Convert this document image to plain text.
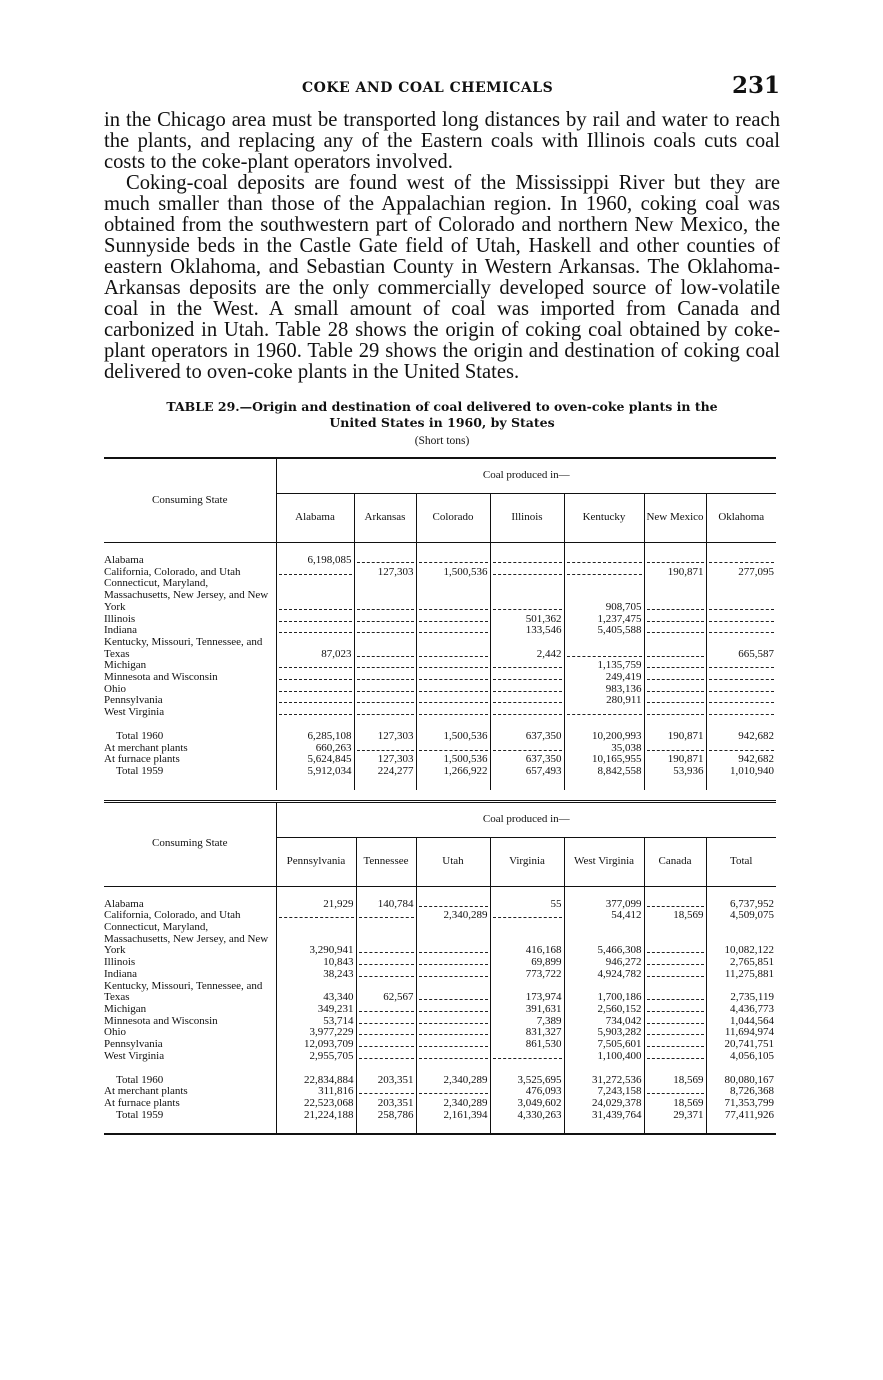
COKE AND COAL CHEMICALS	231

in the Chicago area must be transported long distances by rail and water to reach the plants, and replacing any of the Eastern coals with Illinois coals cuts coal costs to the coke-plant operators involved.

Coking-coal deposits are found west of the Mississippi River but they are much smaller than those of the Appalachian region. In 1960, coking coal was obtained from the southwestern part of Colorado and northern New Mexico, the Sunnyside beds in the Castle Gate field of Utah, Haskell and other counties of eastern Oklahoma, and Sebastian County in Western Arkansas. The Oklahoma-Arkansas deposits are the only commercially developed source of low-volatile coal in the West. A small amount of coal was imported from Canada and carbonized in Utah. Table 28 shows the origin of coking coal obtained by coke-plant operators in 1960. Table 29 shows the origin and destination of coking coal delivered to oven-coke plants in the United States.

TABLE 29.—Origin and destination of coal delivered to oven-coke plants in the
United States in 1960, by States

(Short tons)

Consuming State	Coal produced in—						
	Alabama	Arkansas	Colorado	Illinois	Kentucky	New Mexico	Oklahoma

Alabama	6,198,085						
California, Colorado, and Utah		127,303	1,500,536			190,871	277,095
Connecticut, Maryland, Massachusetts, New Jersey, and New York					908,705		
Illinois				501,362	1,237,475		
Indiana				133,546	5,405,588		
Kentucky, Missouri, Tennessee, and Texas	87,023			2,442			665,587
Michigan					1,135,759		
Minnesota and Wisconsin					249,419		
Ohio					983,136		
Pennsylvania					280,911		
West Virginia							

Total 1960	6,285,108	127,303	1,500,536	637,350	10,200,993	190,871	942,682
At merchant plants	660,263				35,038		
At furnace plants	5,624,845	127,303	1,500,536	637,350	10,165,955	190,871	942,682
Total 1959	5,912,034	224,277	1,266,922	657,493	8,842,558	53,936	1,010,940

Consuming State	Coal produced in—						
	Pennsylvania	Tennessee	Utah	Virginia	West Virginia	Canada	Total

Alabama	21,929	140,784		55	377,099		6,737,952
California, Colorado, and Utah			2,340,289		54,412	18,569	4,509,075
Connecticut, Maryland, Massachusetts, New Jersey, and New York	3,290,941			416,168	5,466,308		10,082,122
Illinois	10,843			69,899	946,272		2,765,851
Indiana	38,243			773,722	4,924,782		11,275,881
Kentucky, Missouri, Tennessee, and Texas	43,340	62,567		173,974	1,700,186		2,735,119
Michigan	349,231			391,631	2,560,152		4,436,773
Minnesota and Wisconsin	53,714			7,389	734,042		1,044,564
Ohio	3,977,229			831,327	5,903,282		11,694,974
Pennsylvania	12,093,709			861,530	7,505,601		20,741,751
West Virginia	2,955,705				1,100,400		4,056,105

Total 1960	22,834,884	203,351	2,340,289	3,525,695	31,272,536	18,569	80,080,167
At merchant plants	311,816			476,093	7,243,158		8,726,368
At furnace plants	22,523,068	203,351	2,340,289	3,049,602	24,029,378	18,569	71,353,799
Total 1959	21,224,188	258,786	2,161,394	4,330,263	31,439,764	29,371	77,411,926
